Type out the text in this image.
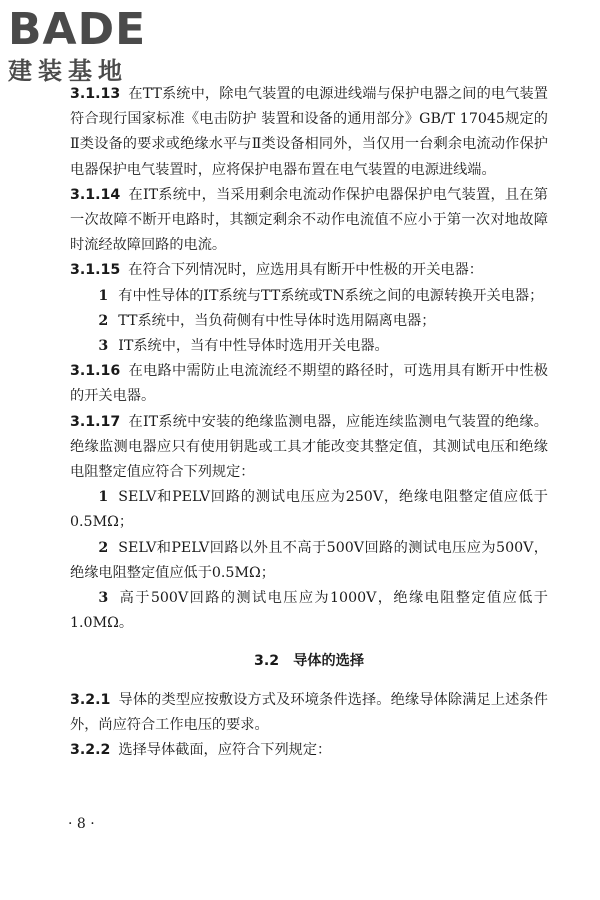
BADE
建装基地

3.1.13 在TT系统中，除电气装置的电源进线端与保护电器之间的电气装置符合现行国家标准《电击防护 装置和设备的通用部分》GB/T 17045规定的Ⅱ类设备的要求或绝缘水平与Ⅱ类设备相同外，当仅用一台剩余电流动作保护电器保护电气装置时，应将保护电器布置在电气装置的电源进线端。

3.1.14 在IT系统中，当采用剩余电流动作保护电器保护电气装置，且在第一次故障不断开电路时，其额定剩余不动作电流值不应小于第一次对地故障时流经故障回路的电流。

3.1.15 在符合下列情况时，应选用具有断开中性极的开关电器：

1 有中性导体的IT系统与TT系统或TN系统之间的电源转换开关电器；

2 TT系统中，当负荷侧有中性导体时选用隔离电器；

3 IT系统中，当有中性导体时选用开关电器。

3.1.16 在电路中需防止电流流经不期望的路径时，可选用具有断开中性极的开关电器。

3.1.17 在IT系统中安装的绝缘监测电器，应能连续监测电气装置的绝缘。绝缘监测电器应只有使用钥匙或工具才能改变其整定值，其测试电压和绝缘电阻整定值应符合下列规定：

1 SELV和PELV回路的测试电压应为250V，绝缘电阻整定值应低于0.5MΩ；

2 SELV和PELV回路以外且不高于500V回路的测试电压应为500V，绝缘电阻整定值应低于0.5MΩ；

3 高于500V回路的测试电压应为1000V，绝缘电阻整定值应低于1.0MΩ。

3.2 导体的选择

3.2.1 导体的类型应按敷设方式及环境条件选择。绝缘导体除满足上述条件外，尚应符合工作电压的要求。

3.2.2 选择导体截面，应符合下列规定：

· 8 ·
